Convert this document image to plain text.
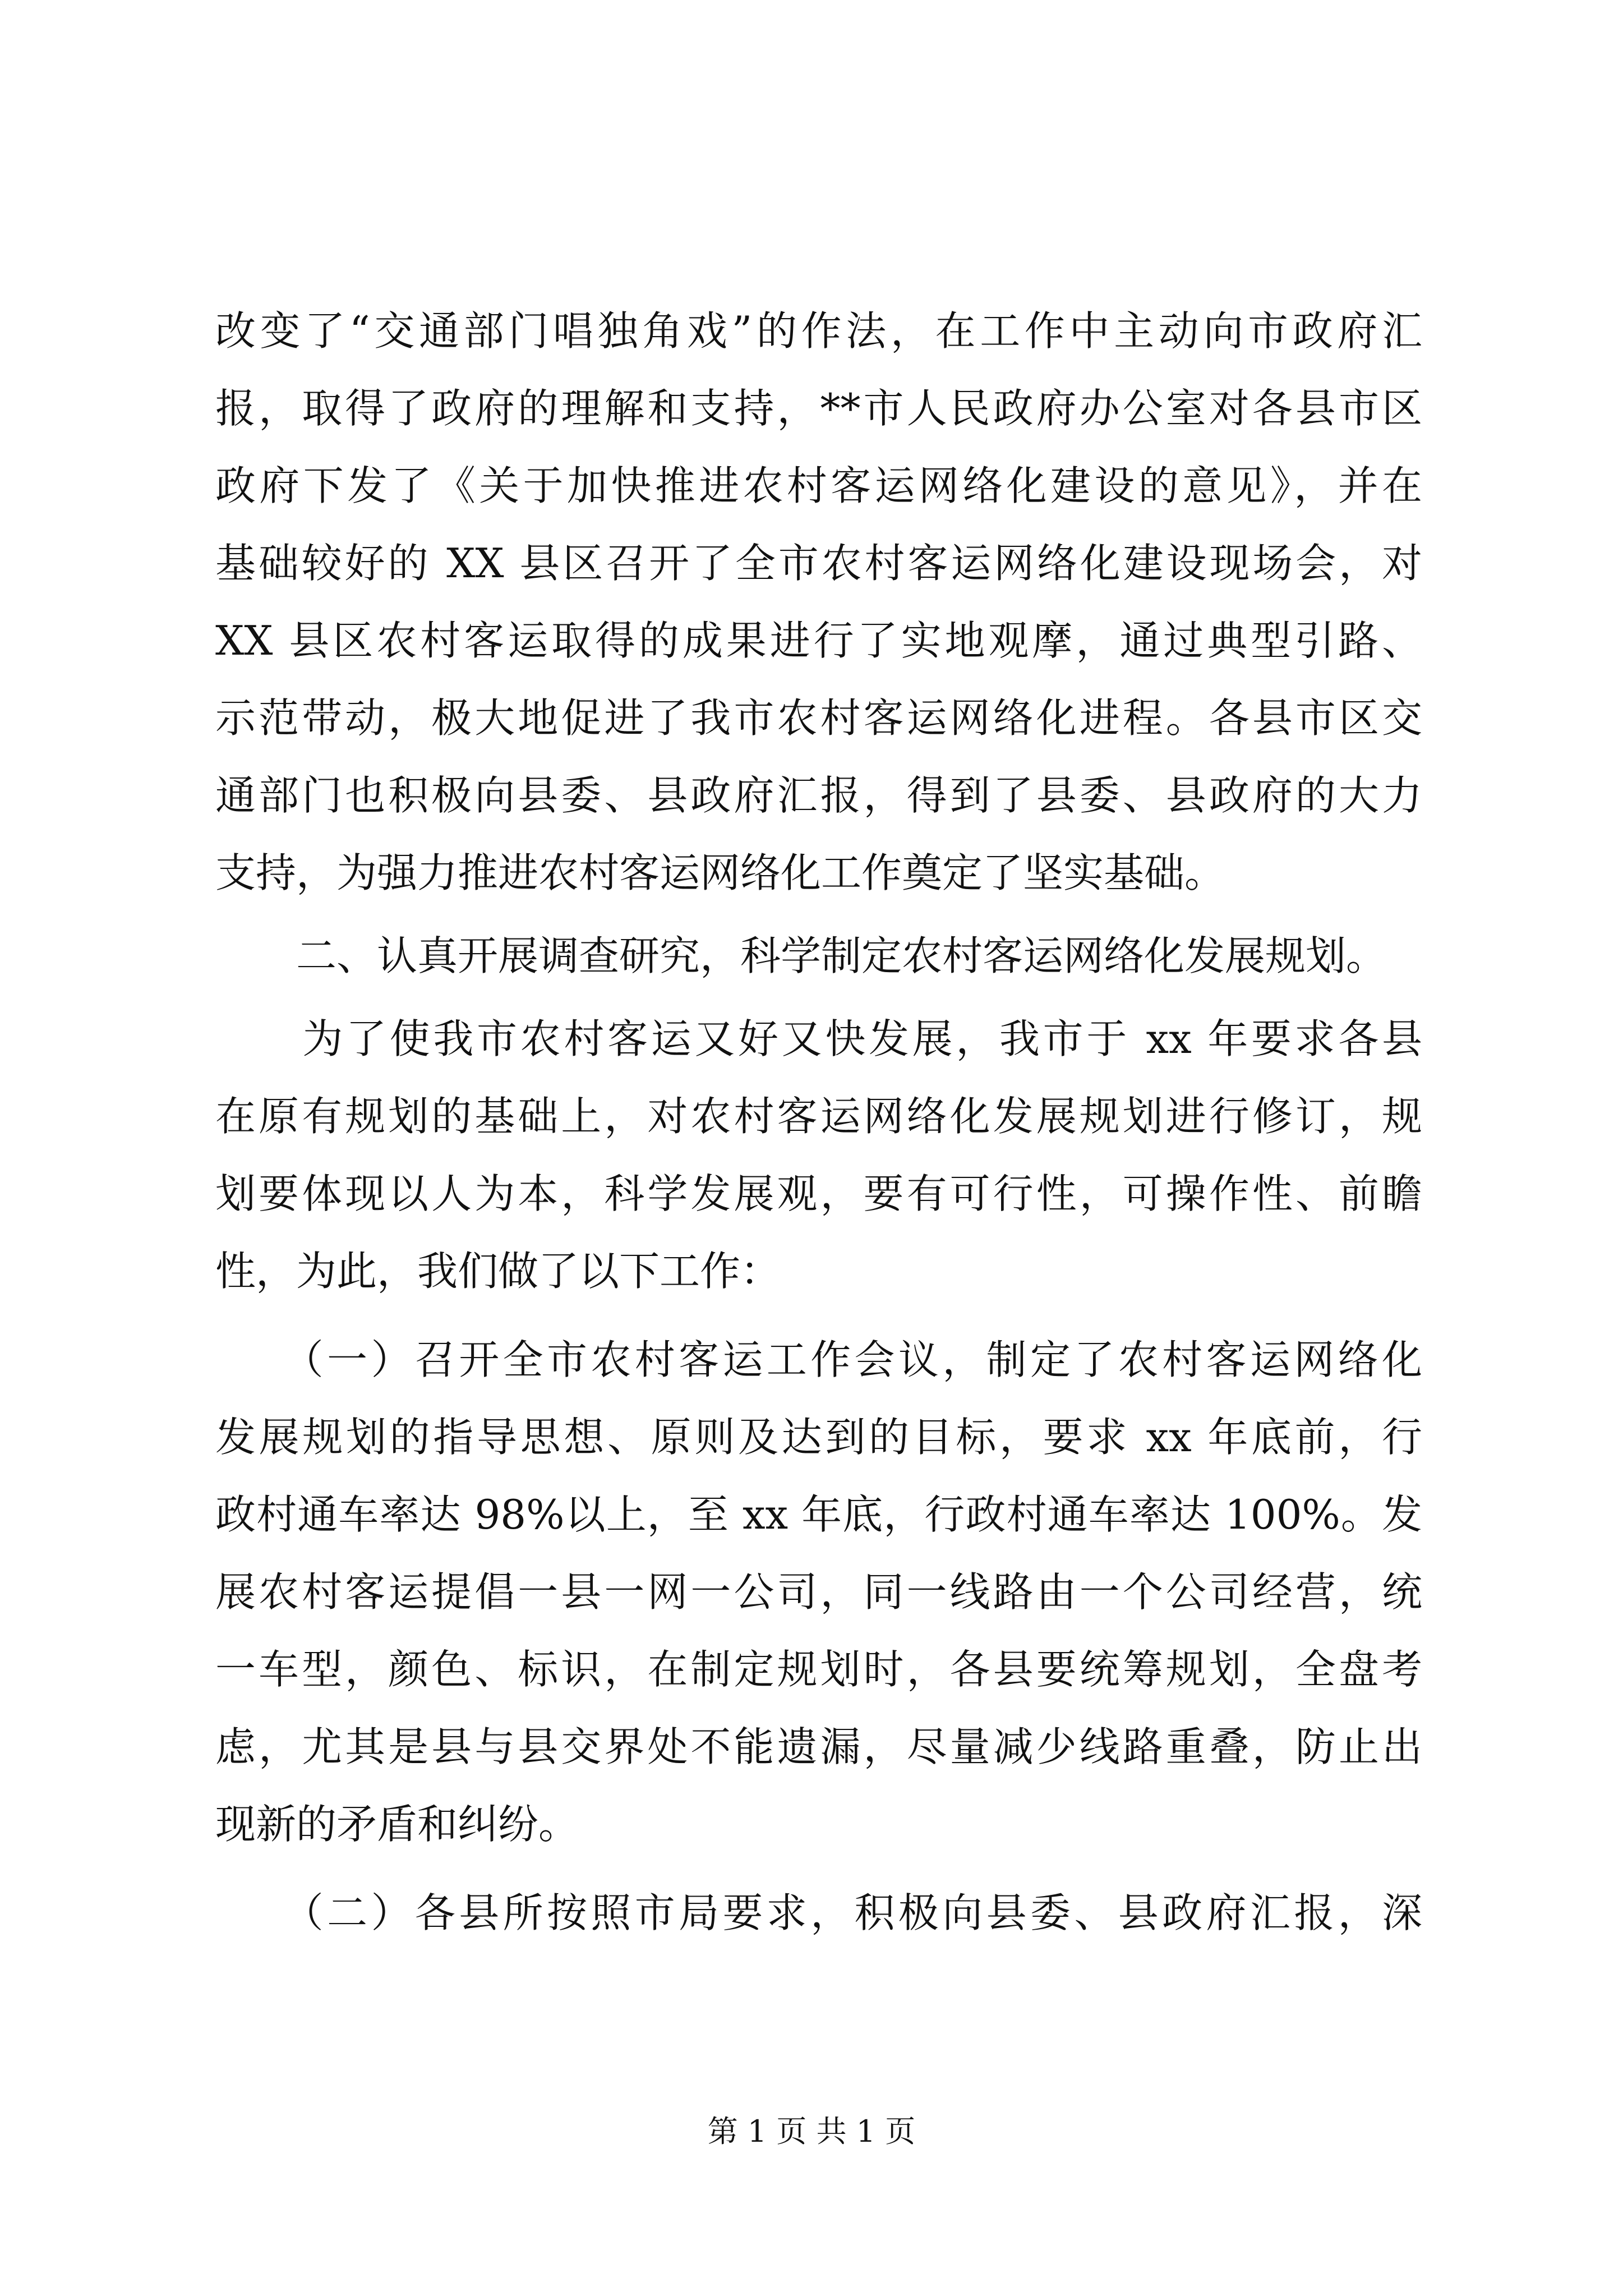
改变了“交通部门唱独角戏”的作法，在工作中主动向市政府汇
报，取得了政府的理解和支持，**市人民政府办公室对各县市区
政府下发了《关于加快推进农村客运网络化建设的意见》，并在
基础较好的 XX 县区召开了全市农村客运网络化建设现场会，对
XX 县区农村客运取得的成果进行了实地观摩，通过典型引路、
示范带动，极大地促进了我市农村客运网络化进程。各县市区交
通部门也积极向县委、县政府汇报，得到了县委、县政府的大力
支持，为强力推进农村客运网络化工作奠定了坚实基础。
　　二、认真开展调查研究，科学制定农村客运网络化发展规划。
　　为了使我市农村客运又好又快发展，我市于 xx 年要求各县
在原有规划的基础上，对农村客运网络化发展规划进行修订，规
划要体现以人为本，科学发展观，要有可行性，可操作性、前瞻
性，为此，我们做了以下工作：
　　（一）召开全市农村客运工作会议，制定了农村客运网络化
发展规划的指导思想、原则及达到的目标，要求 xx 年底前，行
政村通车率达 98%以上，至 xx 年底，行政村通车率达 100%。发
展农村客运提倡一县一网一公司，同一线路由一个公司经营，统
一车型，颜色、标识，在制定规划时，各县要统筹规划，全盘考
虑，尤其是县与县交界处不能遗漏，尽量减少线路重叠，防止出
现新的矛盾和纠纷。
　　（二）各县所按照市局要求，积极向县委、县政府汇报，深
第 1 页 共 1 页
